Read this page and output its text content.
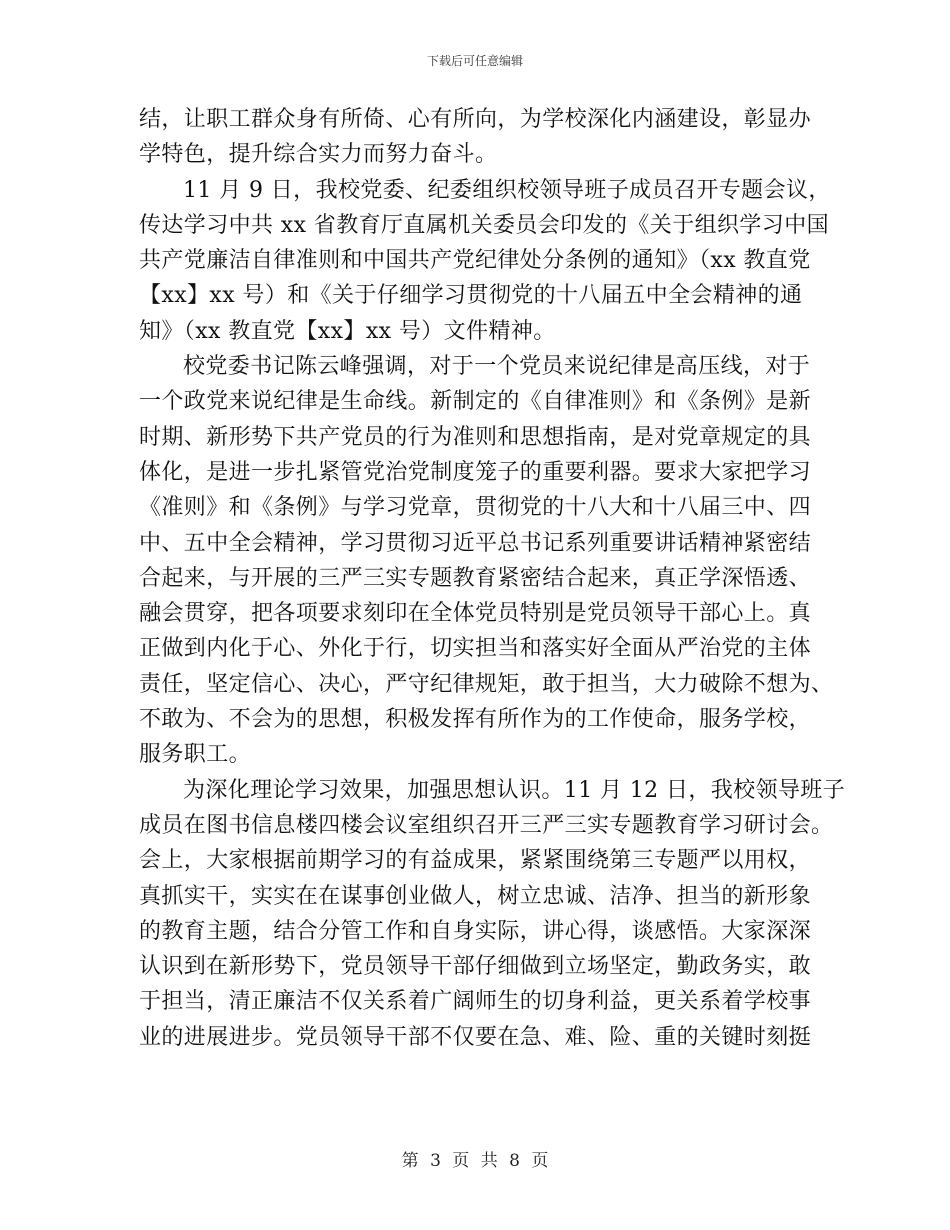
下载后可任意编辑
结，让职工群众身有所倚、心有所向，为学校深化内涵建设，彰显办
学特色，提升综合实力而努力奋斗。
11 月 9 日，我校党委、纪委组织校领导班子成员召开专题会议，
传达学习中共 xx 省教育厅直属机关委员会印发的《关于组织学习中国
共产党廉洁自律准则和中国共产党纪律处分条例的通知》（xx 教直党
【xx】xx 号）和《关于仔细学习贯彻党的十八届五中全会精神的通
知》（xx 教直党【xx】xx 号）文件精神。
校党委书记陈云峰强调，对于一个党员来说纪律是高压线，对于
一个政党来说纪律是生命线。新制定的《自律准则》和《条例》是新
时期、新形势下共产党员的行为准则和思想指南，是对党章规定的具
体化，是进一步扎紧管党治党制度笼子的重要利器。要求大家把学习
《准则》和《条例》与学习党章，贯彻党的十八大和十八届三中、四
中、五中全会精神，学习贯彻习近平总书记系列重要讲话精神紧密结
合起来，与开展的三严三实专题教育紧密结合起来，真正学深悟透、
融会贯穿，把各项要求刻印在全体党员特别是党员领导干部心上。真
正做到内化于心、外化于行，切实担当和落实好全面从严治党的主体
责任，坚定信心、决心，严守纪律规矩，敢于担当，大力破除不想为、
不敢为、不会为的思想，积极发挥有所作为的工作使命，服务学校，
服务职工。
为深化理论学习效果，加强思想认识。11 月 12 日，我校领导班子
成员在图书信息楼四楼会议室组织召开三严三实专题教育学习研讨会。
会上，大家根据前期学习的有益成果，紧紧围绕第三专题严以用权，
真抓实干，实实在在谋事创业做人，树立忠诚、洁净、担当的新形象
的教育主题，结合分管工作和自身实际，讲心得，谈感悟。大家深深
认识到在新形势下，党员领导干部仔细做到立场坚定，勤政务实，敢
于担当，清正廉洁不仅关系着广阔师生的切身利益，更关系着学校事
业的进展进步。党员领导干部不仅要在急、难、险、重的关键时刻挺
第 3 页 共 8 页
